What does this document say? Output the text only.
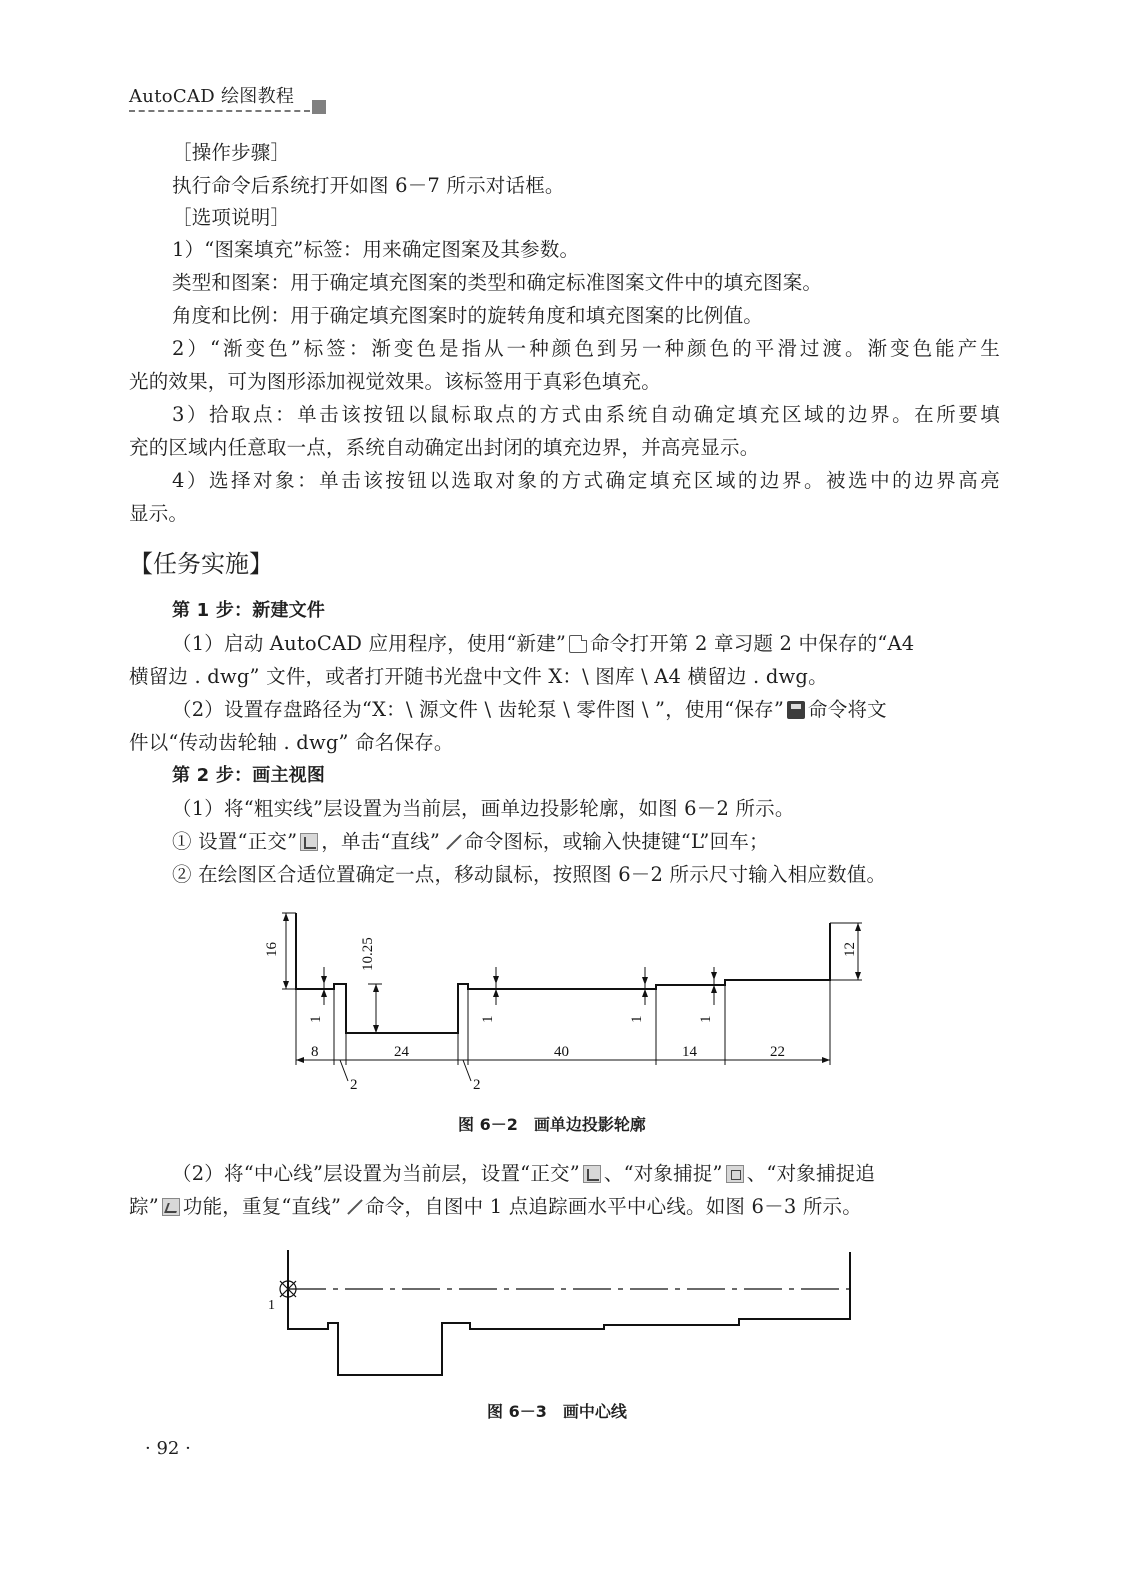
AutoCAD 绘图教程
［操作步骤］
执行命令后系统打开如图 6－7 所示对话框。
［选项说明］
1）“图案填充”标签：用来确定图案及其参数。
类型和图案：用于确定填充图案的类型和确定标准图案文件中的填充图案。
角度和比例：用于确定填充图案时的旋转角度和填充图案的比例值。
2）“渐变色”标签：渐变色是指从一种颜色到另一种颜色的平滑过渡。渐变色能产生
光的效果，可为图形添加视觉效果。该标签用于真彩色填充。
3）拾取点：单击该按钮以鼠标取点的方式由系统自动确定填充区域的边界。在所要填
充的区域内任意取一点，系统自动确定出封闭的填充边界，并高亮显示。
4）选择对象：单击该按钮以选取对象的方式确定填充区域的边界。被选中的边界高亮
显示。
【任务实施】
第 1 步：新建文件
（1）启动 AutoCAD 应用程序，使用“新建” 命令打开第 2 章习题 2 中保存的“A4
横留边 . dwg” 文件，或者打开随书光盘中文件 X：\ 图库 \ A4 横留边 . dwg。
（2）设置存盘路径为“X：\ 源文件 \ 齿轮泵 \ 零件图 \ ”，使用“保存” 命令将文
件以“传动齿轮轴 . dwg” 命名保存。
第 2 步：画主视图
（1）将“粗实线”层设置为当前层，画单边投影轮廓，如图 6－2 所示。
① 设置“正交” ，单击“直线” 命令图标，或输入快捷键“L”回车；
② 在绘图区合适位置确定一点，移动鼠标，按照图 6－2 所示尺寸输入相应数值。
16	10.25	12
1	1	1	1
8	24	40	14	22
2	2
图 6－2　画单边投影轮廓
（2）将“中心线”层设置为当前层，设置“正交” 、“对象捕捉” 、“对象捕捉追
踪” 功能，重复“直线” 命令，自图中 1 点追踪画水平中心线。如图 6－3 所示。
1
图 6－3　画中心线
· 92 ·
